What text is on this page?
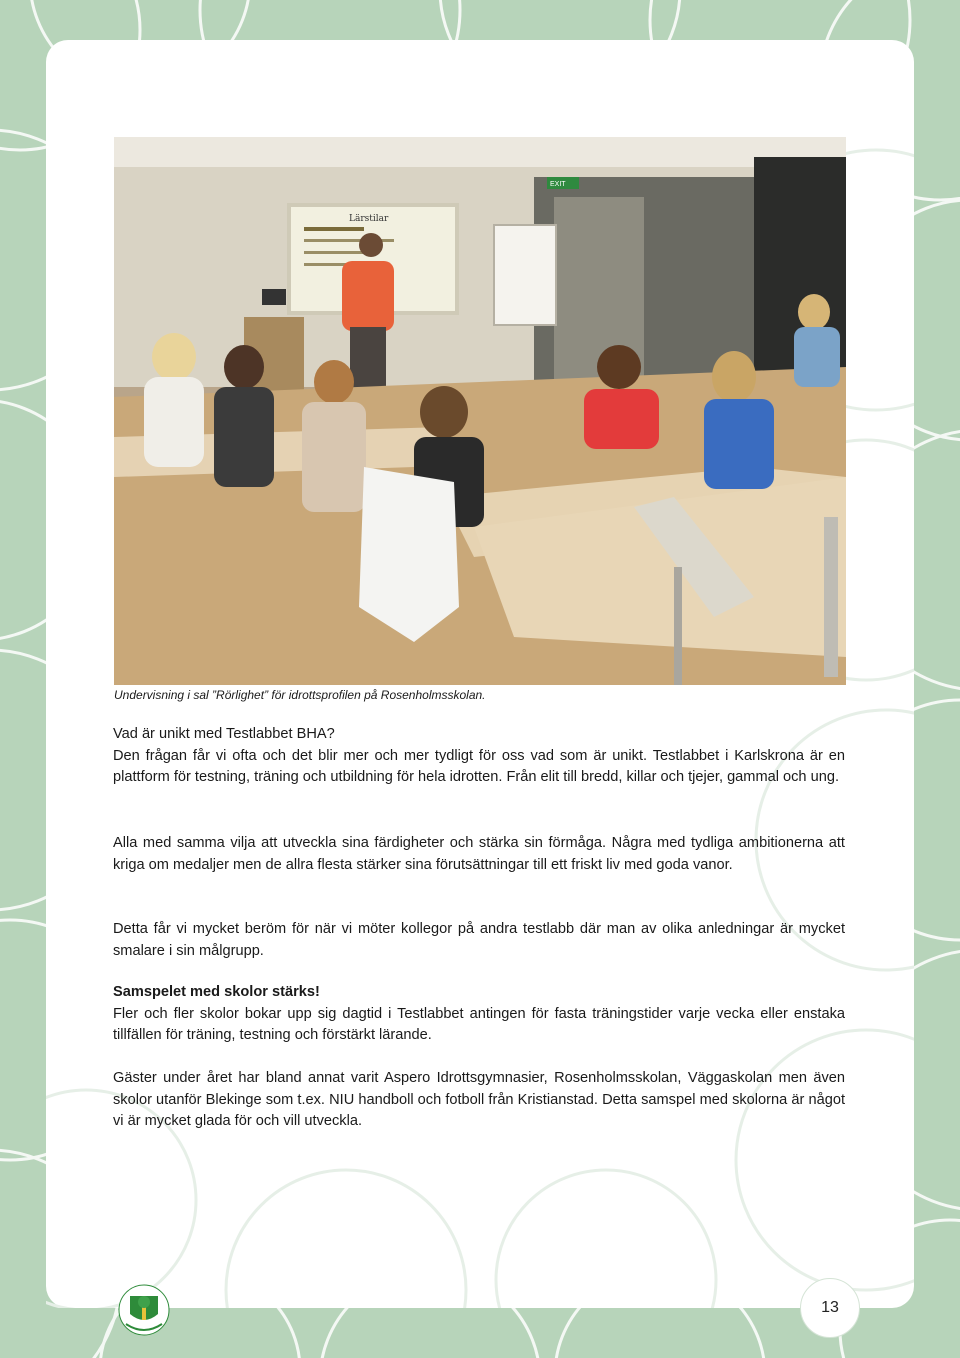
Lärstilar
EXIT

Undervisning i sal ”Rörlighet” för idrottsprofilen på Rosenholmsskolan.

Vad är unikt med Testlabbet BHA?
Den frågan får vi ofta och det blir mer och mer tydligt för oss vad som är unikt. Testlabbet i Karlskrona är en plattform för testning, träning och utbildning för hela idrotten. Från elit till bredd, killar och tjejer, gammal och ung.

Alla med samma vilja att utveckla sina färdigheter och stärka sin förmåga. Några med tydliga ambitionerna att kriga om medaljer men de allra flesta stärker sina förutsättningar till ett friskt liv med goda vanor.

Detta får vi mycket beröm för när vi möter kollegor på andra testlabb där man av olika anledningar är mycket smalare i sin målgrupp.

Samspelet med skolor stärks!
Fler och fler skolor bokar upp sig dagtid i Testlabbet antingen för fasta träningstider varje vecka eller enstaka tillfällen för träning, testning och förstärkt lärande.

Gäster under året har bland annat varit Aspero Idrottsgymnasier, Rosenholmsskolan, Väggaskolan men även skolor utanför Blekinge som t.ex. NIU handboll och fotboll från Kristianstad. Detta samspel med skolorna är något vi är mycket glada för och vill utveckla.

13
